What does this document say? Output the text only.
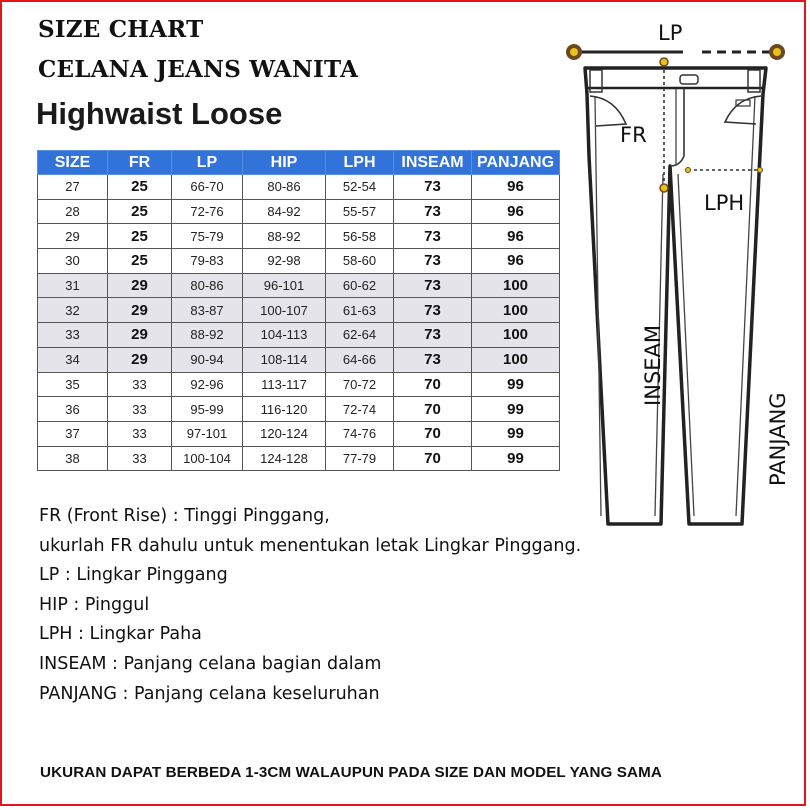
SIZE CHART
CELANA JEANS WANITA
Highwaist Loose
SIZE	FR	LP	HIP	LPH	INSEAM	PANJANG
27	25	66-70	80-86	52-54	73	96
28	25	72-76	84-92	55-57	73	96
29	25	75-79	88-92	56-58	73	96
30	25	79-83	92-98	58-60	73	96
31	29	80-86	96-101	60-62	73	100
32	29	83-87	100-107	61-63	73	100
33	29	88-92	104-113	62-64	73	100
34	29	90-94	108-114	64-66	73	100
35	33	92-96	113-117	70-72	70	99
36	33	95-99	116-120	72-74	70	99
37	33	97-101	120-124	74-76	70	99
38	33	100-104	124-128	77-79	70	99
LP
FR
LPH
INSEAM
PANJANG
FR (Front Rise) : Tinggi Pinggang,
ukurlah FR dahulu untuk menentukan letak Lingkar Pinggang.
LP : Lingkar Pinggang
HIP : Pinggul
LPH : Lingkar Paha
INSEAM : Panjang celana bagian dalam
PANJANG : Panjang celana keseluruhan
UKURAN DAPAT BERBEDA 1-3CM WALAUPUN PADA SIZE DAN MODEL YANG SAMA
